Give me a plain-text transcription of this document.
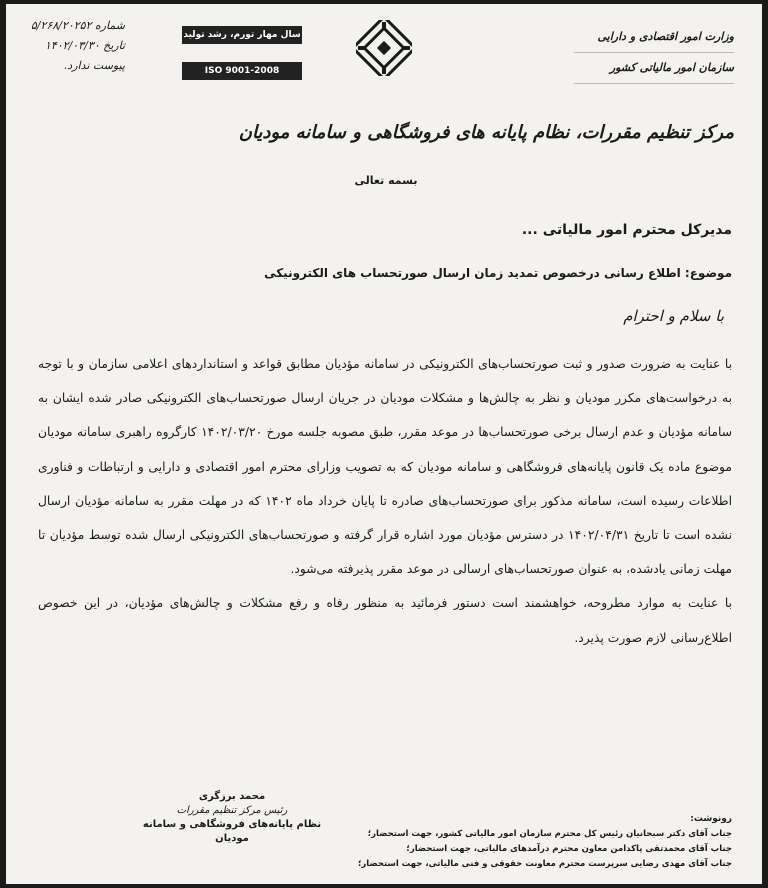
شماره ۵/۲۶۸/۲۰۲۵۲
تاریخ ۱۴۰۲/۰۳/۳۰
پیوست ندارد.
سال مهار تورم، رشد تولید
ISO 9001-2008
وزارت امور اقتصادی و دارایی
سازمان امور مالیاتی کشور
مرکز تنظیم مقررات، نظام پایانه های فروشگاهی و سامانه مودیان
بسمه تعالی
مدیرکل محترم امور مالیاتی ...
موضوع: اطلاع رسانی درخصوص تمدید زمان ارسال صورتحساب های الکترونیکی
با سلام و احترام

با عنایت به ضرورت صدور و ثبت صورتحساب‌های الکترونیکی در سامانه مؤدیان مطابق قواعد و استانداردهای اعلامی سازمان و با توجه به درخواست‌های مکرر مودیان و نظر به چالش‌ها و مشکلات مودیان در جریان ارسال صورتحساب‌های الکترونیکی صادر شده ایشان به سامانه مؤدیان و عدم ارسال برخی صورتحساب‌ها در موعد مقرر، طبق مصوبه جلسه مورخ ۱۴۰۲/۰۳/۲۰ کارگروه راهبری سامانه مودیان موضوع ماده یک قانون پایانه‌های فروشگاهی و سامانه مودیان که به تصویب وزارای محترم امور اقتصادی و دارایی و ارتباطات و فناوری اطلاعات رسیده است، سامانه مذکور برای صورتحساب‌های صادره تا پایان خرداد ماه ۱۴۰۲ که در مهلت مقرر به سامانه مؤدیان ارسال نشده است تا تاریخ ۱۴۰۲/۰۴/۳۱ در دسترس مؤدیان مورد اشاره قرار گرفته و صورتحساب‌های الکترونیکی ارسال شده توسط مؤدیان تا مهلت زمانی یادشده، به عنوان صورتحساب‌های ارسالی در موعد مقرر پذیرفته می‌شود.

با عنایت به موارد مطروحه، خواهشمند است دستور فرمائید به منظور رفاه و رفع مشکلات و چالش‌های مؤدیان، در این خصوص اطلاع‌رسانی لازم صورت پذیرد.

محمد برزگری
رئیس مرکز تنظیم مقررات
نظام پایانه‌های فروشگاهی و سامانه مودیان
رونوشت:
جناب آقای دکتر سبحانیان رئیس کل محترم سازمان امور مالیاتی کشور، جهت استحضار؛
جناب آقای محمدتقی پاکدامن معاون محترم درآمدهای مالیاتی، جهت استحضار؛
جناب آقای مهدی رضایی سرپرست محترم معاونت حقوقی و فنی مالیاتی، جهت استحضار؛
